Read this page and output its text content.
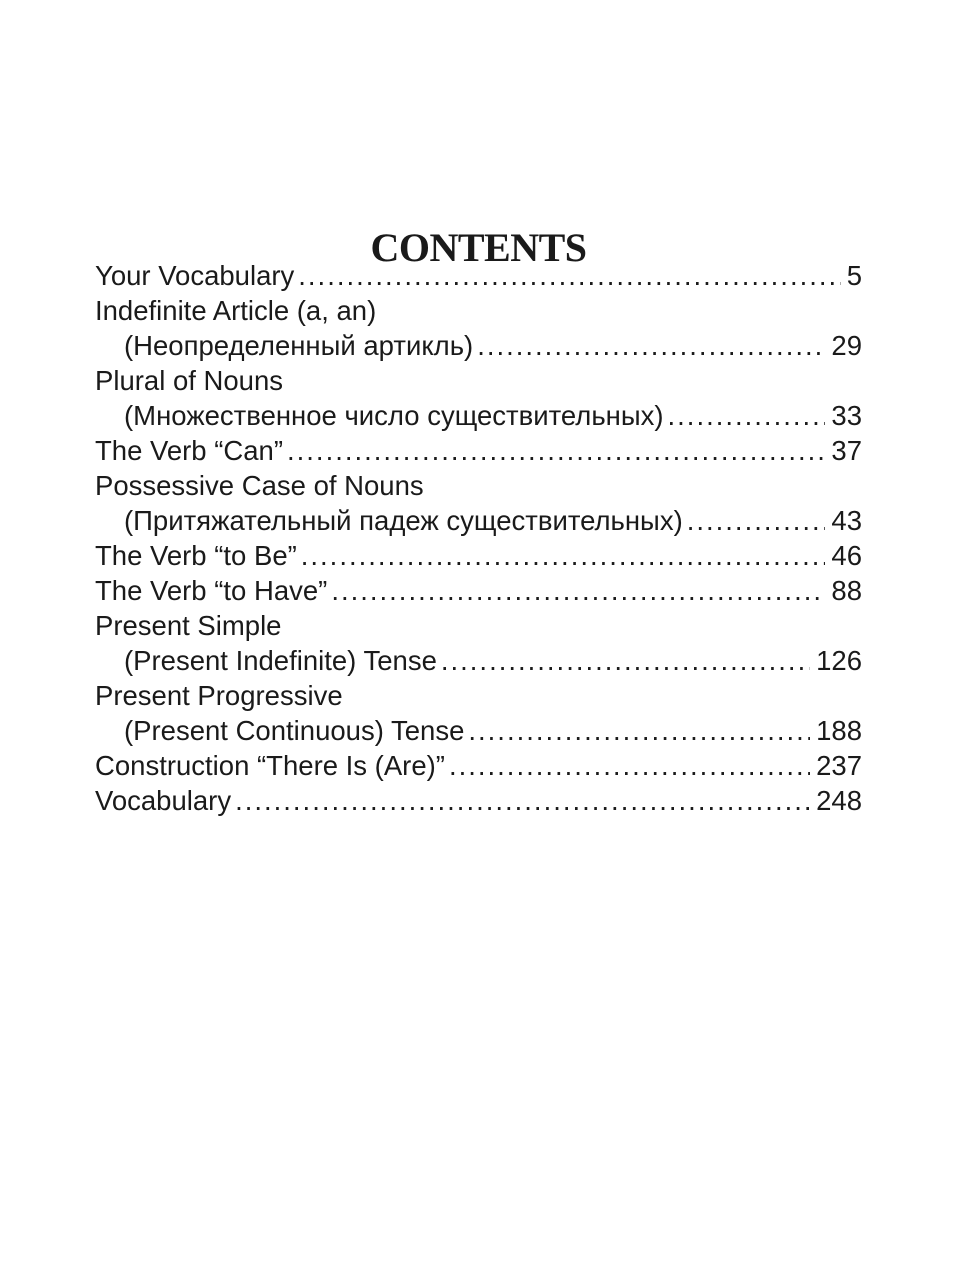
CONTENTS
Your Vocabulary .....	5
Indefinite Article (a, an)
(Неопределенный артикль) .....	29
Plural of Nouns
(Множественное число существительных) .....	33
The Verb “Can” .....	37
Possessive Case of Nouns
(Притяжательный падеж существительных) .....	43
The Verb “to Be” .....	46
The Verb “to Have” .....	88
Present Simple
(Present Indefinite) Tense .....	126
Present Progressive
(Present Continuous) Tense .....	188
Construction “There Is (Are)” .....	237
Vocabulary .....	248
